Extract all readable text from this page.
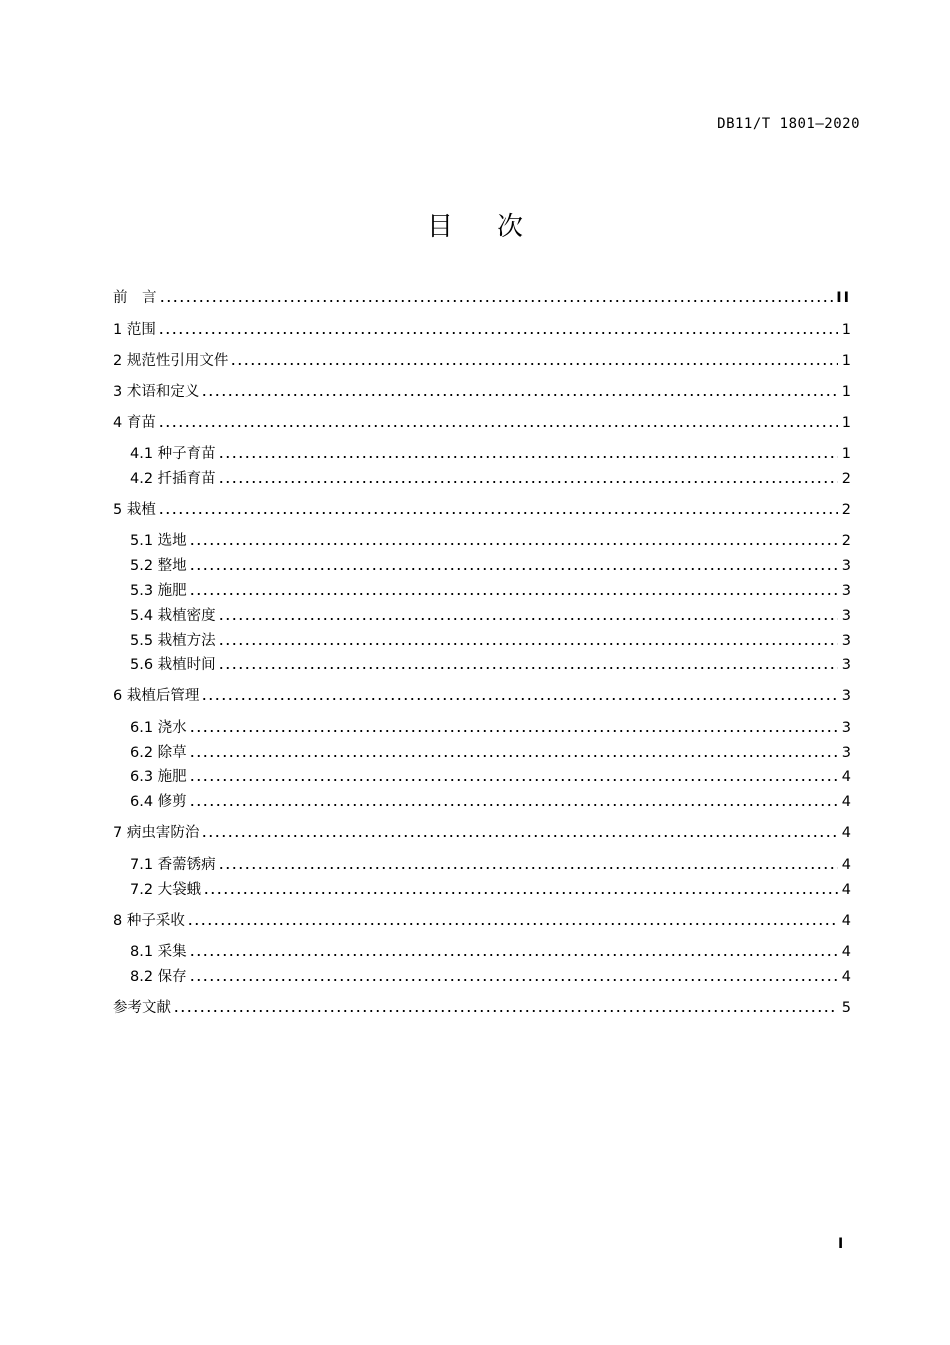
DB11/T 1801—2020
目次
前　言	II
1 范围	1
2 规范性引用文件	1
3 术语和定义	1
4 育苗	1
4.1 种子育苗	1
4.2 扦插育苗	2
5 栽植	2
5.1 选地	2
5.2 整地	3
5.3 施肥	3
5.4 栽植密度	3
5.5 栽植方法	3
5.6 栽植时间	3
6 栽植后管理	3
6.1 浇水	3
6.2 除草	3
6.3 施肥	4
6.4 修剪	4
7 病虫害防治	4
7.1 香薷锈病	4
7.2 大袋蛾	4
8 种子采收	4
8.1 采集	4
8.2 保存	4
参考文献	5
I
